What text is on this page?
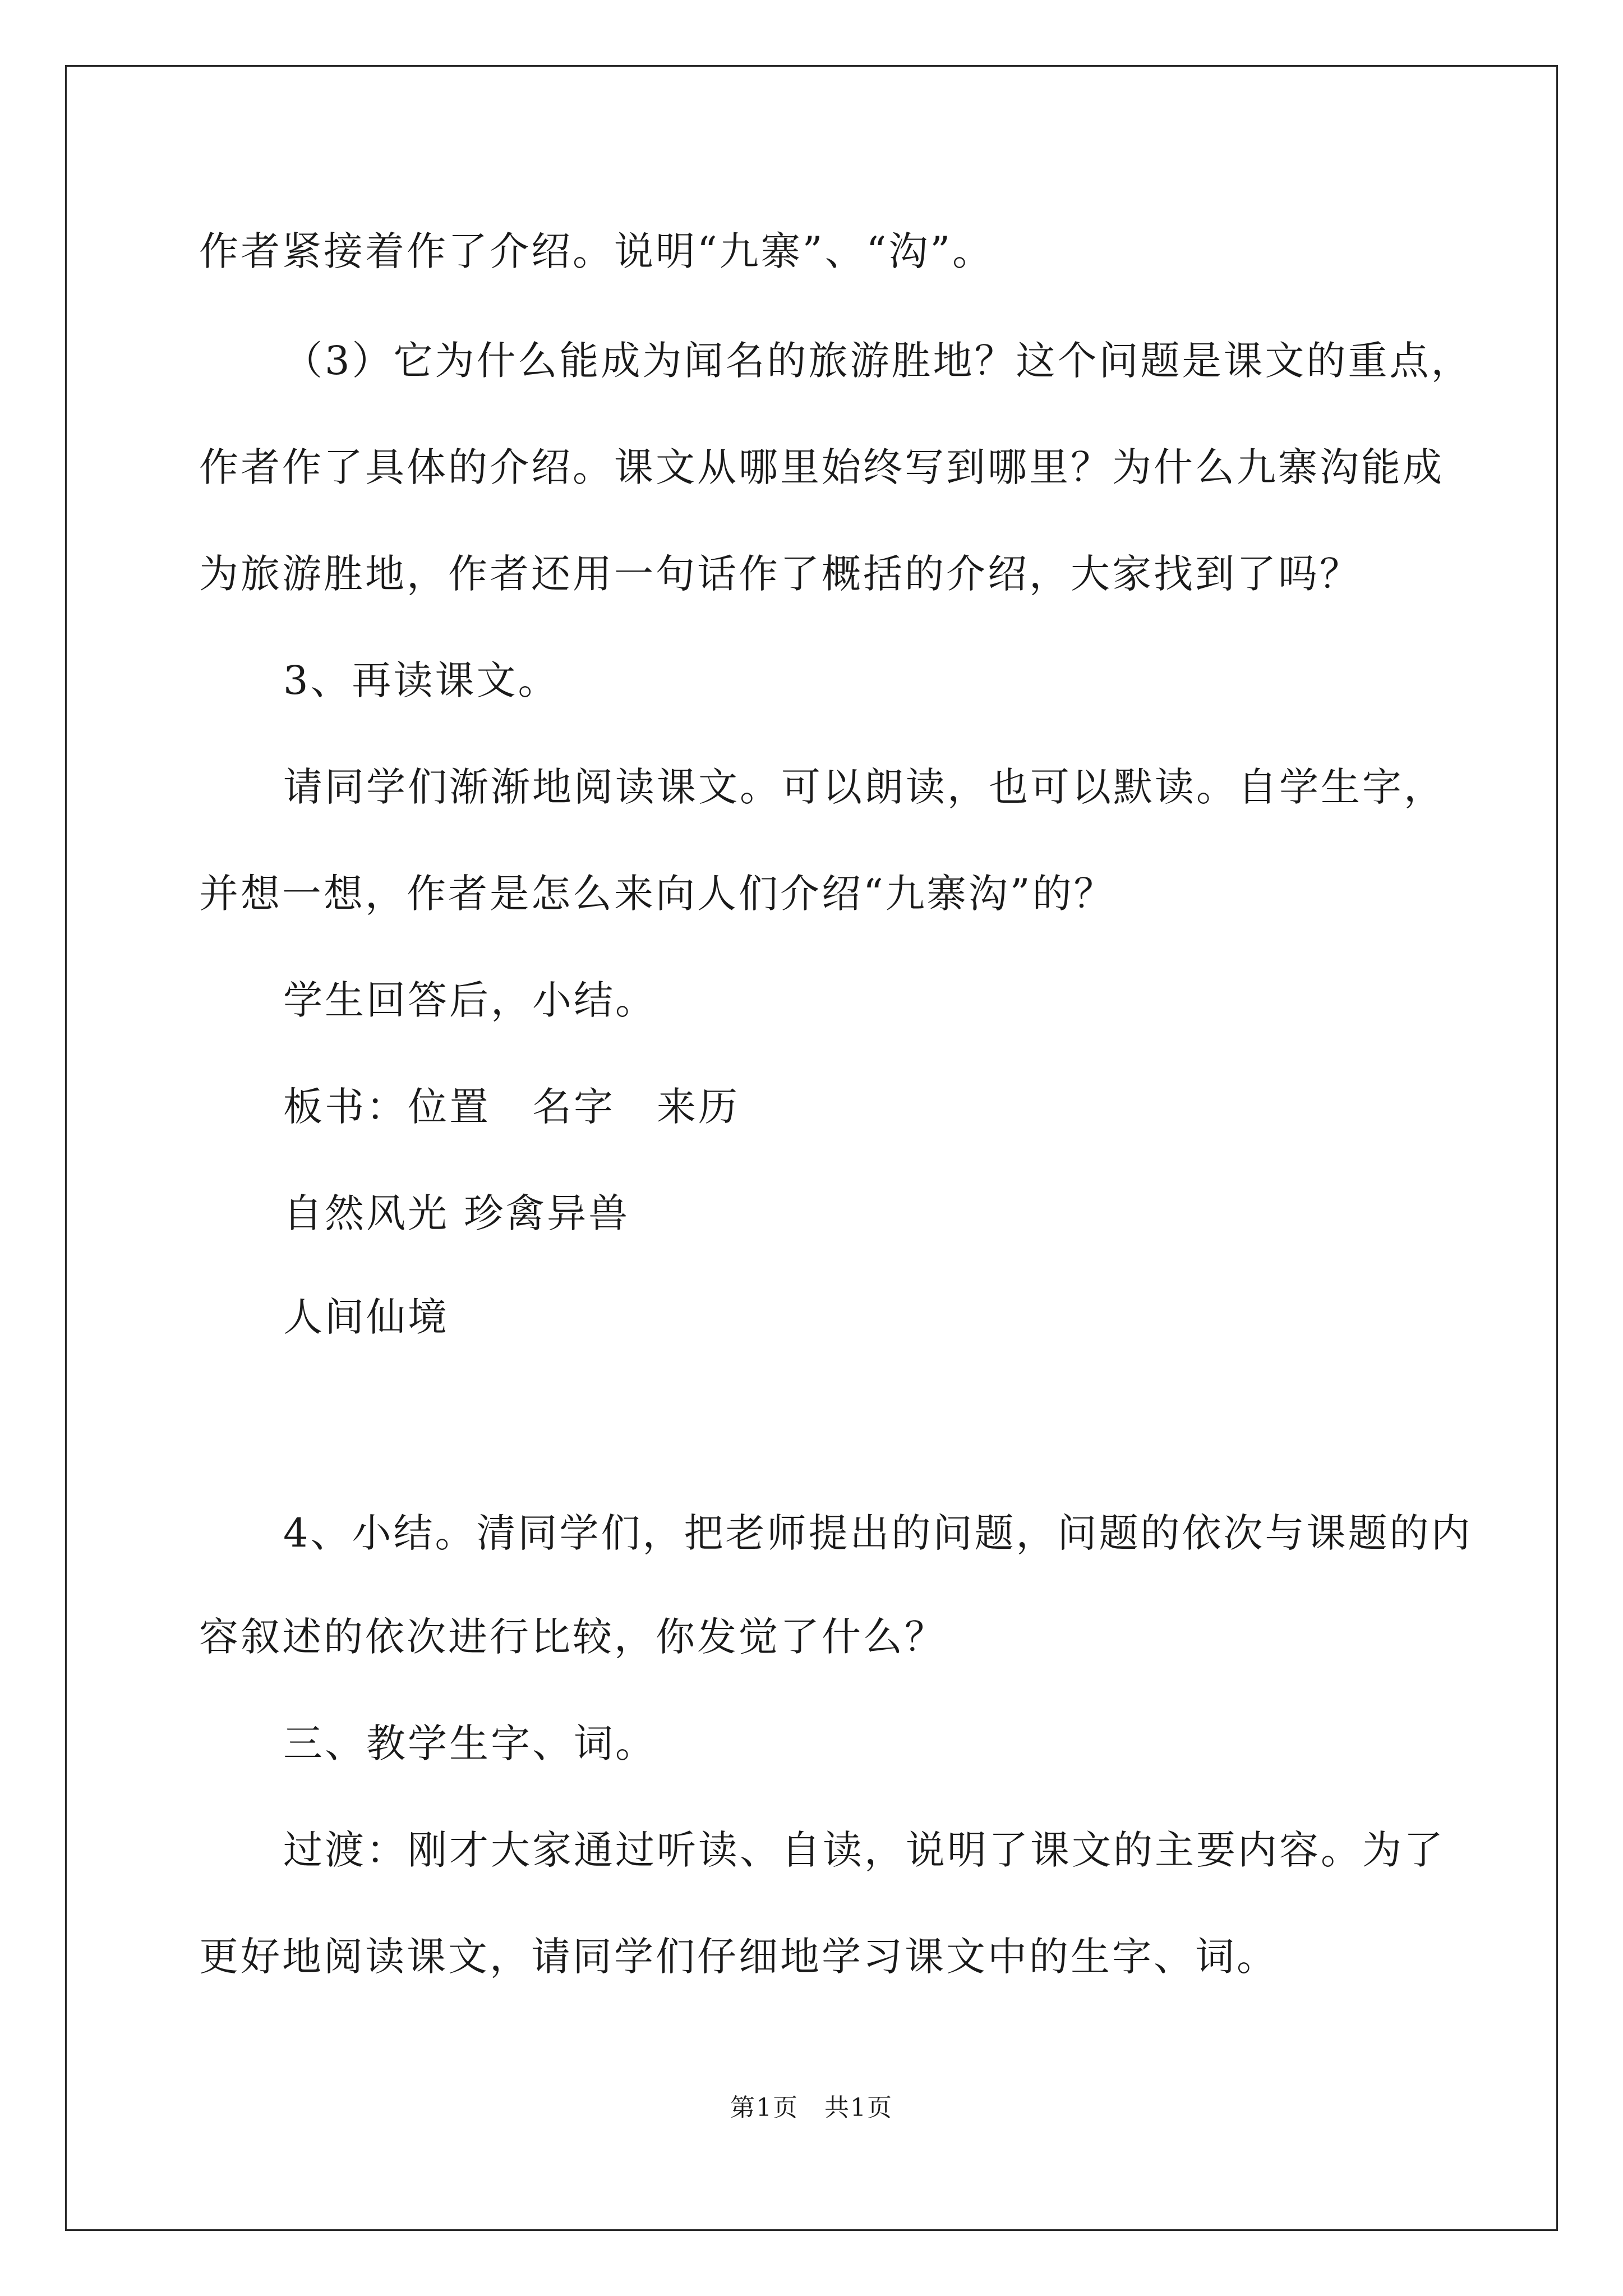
作者紧接着作了介绍。说明“九寨”、“沟”。
（3）它为什么能成为闻名的旅游胜地？这个问题是课文的重点，
作者作了具体的介绍。课文从哪里始终写到哪里？为什么九寨沟能成
为旅游胜地，作者还用一句话作了概括的介绍，大家找到了吗？
3、再读课文。
请同学们渐渐地阅读课文。可以朗读，也可以默读。自学生字，
并想一想，作者是怎么来向人们介绍“九寨沟”的？
学生回答后，小结。
板书：位置　名字　来历
自然风光 珍禽异兽
人间仙境
4、小结。清同学们，把老师提出的问题，问题的依次与课题的内
容叙述的依次进行比较，你发觉了什么？
三、教学生字、词。
过渡：刚才大家通过听读、自读，说明了课文的主要内容。为了
更好地阅读课文，请同学们仔细地学习课文中的生字、词。
第1页　共1页
